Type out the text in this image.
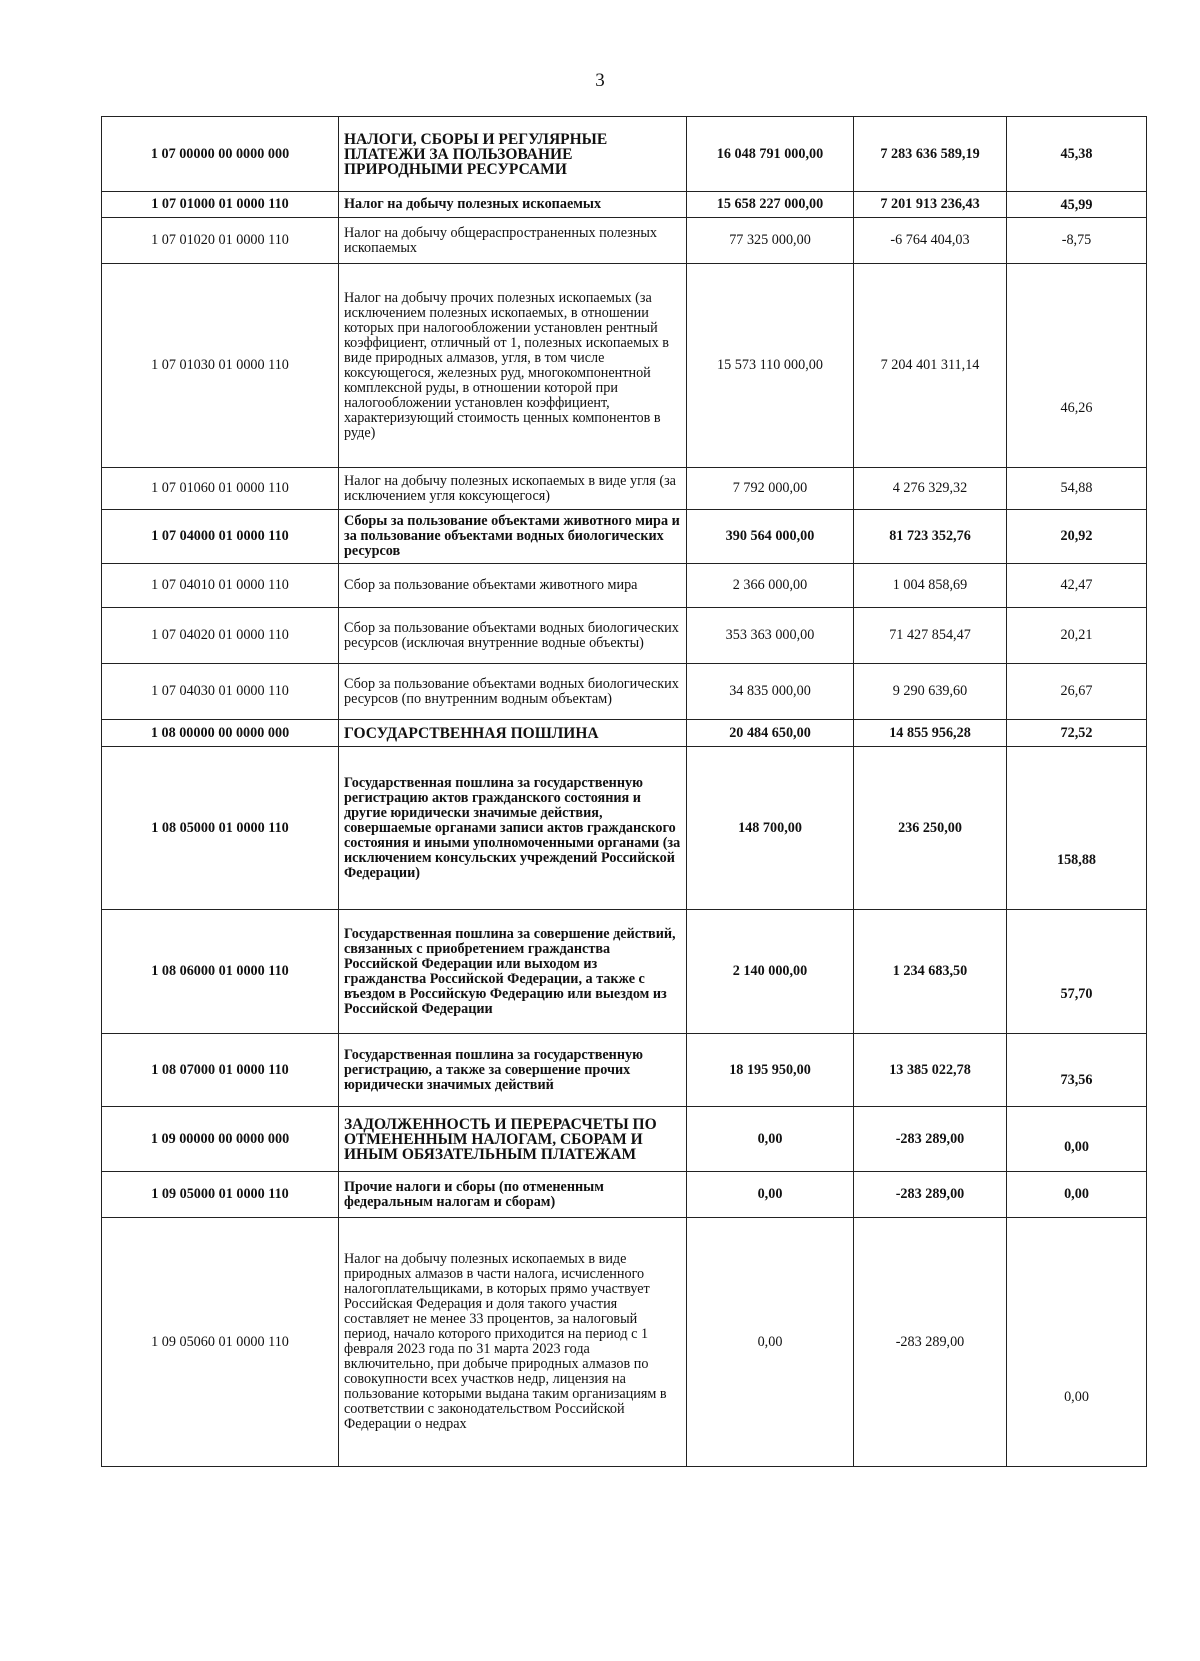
3
1 07 00000 00 0000 000	НАЛОГИ, СБОРЫ И РЕГУЛЯРНЫЕ ПЛАТЕЖИ ЗА ПОЛЬЗОВАНИЕ ПРИРОДНЫМИ РЕСУРСАМИ	16 048 791 000,00	7 283 636 589,19	45,38
1 07 01000 01 0000 110	Налог на добычу полезных ископаемых	15 658 227 000,00	7 201 913 236,43	45,99
1 07 01020 01 0000 110	Налог на добычу общераспространенных полезных ископаемых	77 325 000,00	-6 764 404,03	-8,75
1 07 01030 01 0000 110	Налог на добычу прочих полезных ископаемых (за исключением полезных ископаемых, в отношении которых при налогообложении установлен рентный коэффициент, отличный от 1, полезных ископаемых в виде природных алмазов, угля, в том числе коксующегося, железных руд, многокомпонентной комплексной руды, в отношении которой при налогообложении установлен коэффициент, характеризующий стоимость ценных компонентов в руде)	15 573 110 000,00	7 204 401 311,14	46,26
1 07 01060 01 0000 110	Налог на добычу полезных ископаемых в виде угля (за исключением угля коксующегося)	7 792 000,00	4 276 329,32	54,88
1 07 04000 01 0000 110	Сборы за пользование объектами животного мира и за пользование объектами водных биологических ресурсов	390 564 000,00	81 723 352,76	20,92
1 07 04010 01 0000 110	Сбор за пользование объектами животного мира	2 366 000,00	1 004 858,69	42,47
1 07 04020 01 0000 110	Сбор за пользование объектами водных биологических ресурсов (исключая внутренние водные объекты)	353 363 000,00	71 427 854,47	20,21
1 07 04030 01 0000 110	Сбор за пользование объектами водных биологических ресурсов (по внутренним водным объектам)	34 835 000,00	9 290 639,60	26,67
1 08 00000 00 0000 000	ГОСУДАРСТВЕННАЯ ПОШЛИНА	20 484 650,00	14 855 956,28	72,52
1 08 05000 01 0000 110	Государственная пошлина за государственную регистрацию актов гражданского состояния и другие юридически значимые действия, совершаемые органами записи актов гражданского состояния и иными уполномоченными органами (за исключением консульских учреждений Российской Федерации)	148 700,00	236 250,00	158,88
1 08 06000 01 0000 110	Государственная пошлина за совершение действий, связанных с приобретением гражданства Российской Федерации или выходом из гражданства Российской Федерации, а также с въездом в Российскую Федерацию или выездом из Российской Федерации	2 140 000,00	1 234 683,50	57,70
1 08 07000 01 0000 110	Государственная пошлина за государственную регистрацию, а также за совершение прочих юридически значимых действий	18 195 950,00	13 385 022,78	73,56
1 09 00000 00 0000 000	ЗАДОЛЖЕННОСТЬ И ПЕРЕРАСЧЕТЫ ПО ОТМЕНЕННЫМ НАЛОГАМ, СБОРАМ И ИНЫМ ОБЯЗАТЕЛЬНЫМ ПЛАТЕЖАМ	0,00	-283 289,00	0,00
1 09 05000 01 0000 110	Прочие налоги и сборы (по отмененным федеральным налогам и сборам)	0,00	-283 289,00	0,00
1 09 05060 01 0000 110	Налог на добычу полезных ископаемых в виде природных алмазов в части налога, исчисленного налогоплательщиками, в которых прямо участвует Российская Федерация и доля такого участия составляет не менее 33 процентов, за налоговый период, начало которого приходится на период с 1 февраля 2023 года по 31 марта 2023 года включительно, при добыче природных алмазов по совокупности всех участков недр, лицензия на пользование которыми выдана таким организациям в соответствии с законодательством Российской Федерации о недрах	0,00	-283 289,00	0,00
